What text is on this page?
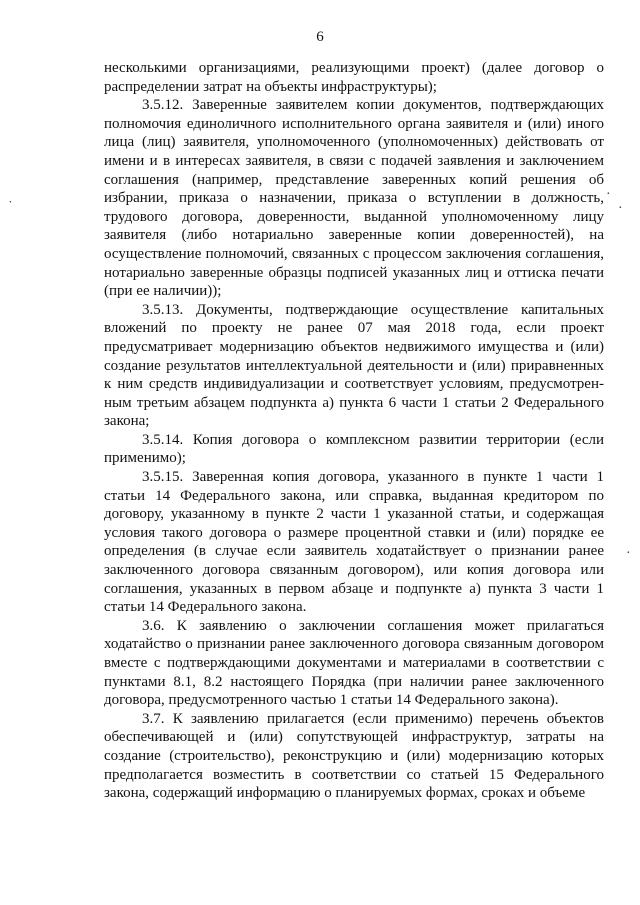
6
несколькими организациями, реализующими проект) (далее договор о
распределении затрат на объекты инфраструктуры);
3.5.12. Заверенные заявителем копии документов, подтверждающих
полномочия единоличного исполнительного органа заявителя и (или) иного
лица (лиц) заявителя, уполномоченного (уполномоченных) действовать от
имени и в интересах заявителя, в связи с подачей заявления и заключением
соглашения (например, представление заверенных копий решения об
избрании, приказа о назначении, приказа о вступлении в должность,
трудового договора, доверенности, выданной уполномоченному лицу
заявителя (либо нотариально заверенные копии доверенностей), на
осуществление полномочий, связанных с процессом заключения соглашения,
нотариально заверенные образцы подписей указанных лиц и оттиска печати
(при ее наличии));
3.5.13. Документы, подтверждающие осуществление капитальных
вложений по проекту не ранее 07 мая 2018 года, если проект
предусматривает модернизацию объектов недвижимого имущества и (или)
создание результатов интеллектуальной деятельности и (или) приравненных
к ним средств индивидуализации и соответствует условиям, предусмотрен-
ным третьим абзацем подпункта а) пункта 6 части 1 статьи 2 Федерального
закона;
3.5.14. Копия договора о комплексном развитии территории (если
применимо);
3.5.15. Заверенная копия договора, указанного в пункте 1 части 1
статьи 14 Федерального закона, или справка, выданная кредитором по
договору, указанному в пункте 2 части 1 указанной статьи, и содержащая
условия такого договора о размере процентной ставки и (или) порядке ее
определения (в случае если заявитель ходатайствует о признании ранее
заключенного договора связанным договором), или копия договора или
соглашения, указанных в первом абзаце и подпункте а) пункта 3 части 1
статьи 14 Федерального закона.
3.6. К заявлению о заключении соглашения может прилагаться
ходатайство о признании ранее заключенного договора связанным договором
вместе с подтверждающими документами и материалами в соответствии с
пунктами 8.1, 8.2 настоящего Порядка (при наличии ранее заключенного
договора, предусмотренного частью 1 статьи 14 Федерального закона).
3.7. К заявлению прилагается (если применимо) перечень объектов
обеспечивающей и (или) сопутствующей инфраструктур, затраты на
создание (строительство), реконструкцию и (или) модернизацию которых
предполагается возместить в соответствии со статьей 15 Федерального
закона, содержащий информацию о планируемых формах, сроках и объеме
˙
·
·
·
